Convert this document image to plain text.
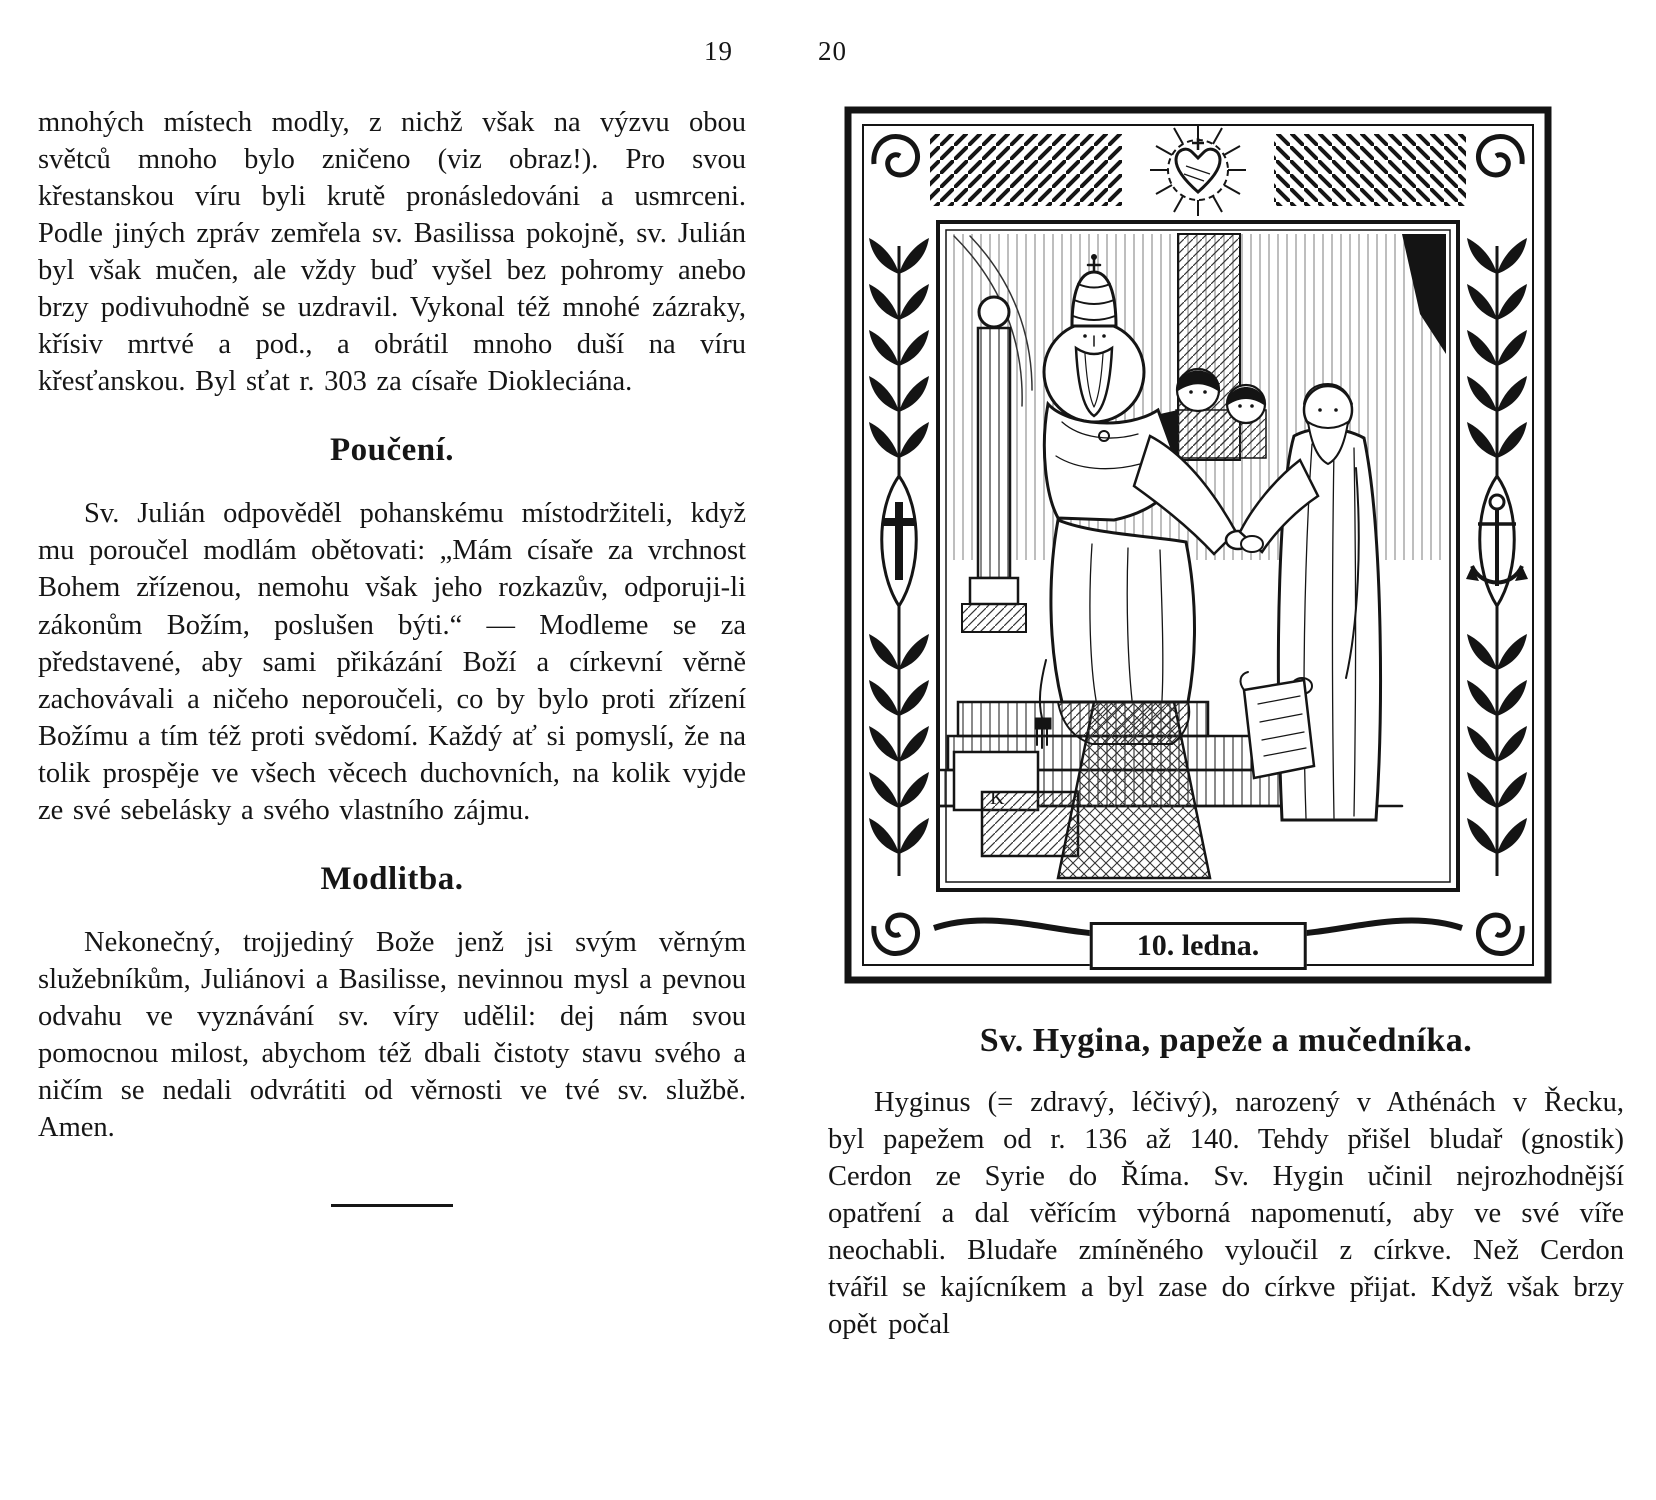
19	20

mnohých místech modly, z nichž však na výzvu obou světců mnoho bylo zničeno (viz obraz!). Pro svou křestanskou víru byli krutě pronásledováni a usmrceni. Podle jiných zpráv zemřela sv. Basilissa pokojně, sv. Julián byl však mučen, ale vždy buď vyšel bez pohromy anebo brzy podivuhodně se uzdravil. Vykonal též mnohé zázraky, křísiv mrtvé a pod., a obrátil mnoho duší na víru křesťanskou. Byl sťat r. 303 za císaře Diokleciána.

Poučení.

Sv. Julián odpověděl pohanskému místodržiteli, když mu poroučel modlám obětovati: „Mám císaře za vrchnost Bohem zřízenou, nemohu však jeho rozkazův, odporuji-li zákonům Božím, poslušen býti.“ — Modleme se za představené, aby sami přikázání Boží a církevní věrně zachovávali a ničeho neporoučeli, co by bylo proti zřízení Božímu a tím též proti svědomí. Každý ať si pomyslí, že na tolik prospěje ve všech věcech duchovních, na kolik vyjde ze své sebelásky a svého vlastního zájmu.

Modlitba.

Nekonečný, trojjediný Bože jenž jsi svým věrným služebníkům, Juliánovi a Basilisse, nevinnou mysl a pevnou odvahu ve vyznávání sv. víry udělil: dej nám svou pomocnou milost, abychom též dbali čistoty stavu svého a ničím se nedali odvrátiti od věrnosti ve tvé sv. službě. Amen.

K
10. ledna.
Sv. Hygina, papeže a mučedníka.

Hyginus (= zdravý, léčivý), narozený v Athénách v Řecku, byl papežem od r. 136 až 140. Tehdy přišel bludař (gnostik) Cerdon ze Syrie do Říma. Sv. Hygin učinil nejrozhodnější opatření a dal věřícím výborná napomenutí, aby ve své víře neochabli. Bludaře zmíněného vyloučil z církve. Než Cerdon tvářil se kajícníkem a byl zase do církve přijat. Když však brzy opět počal
